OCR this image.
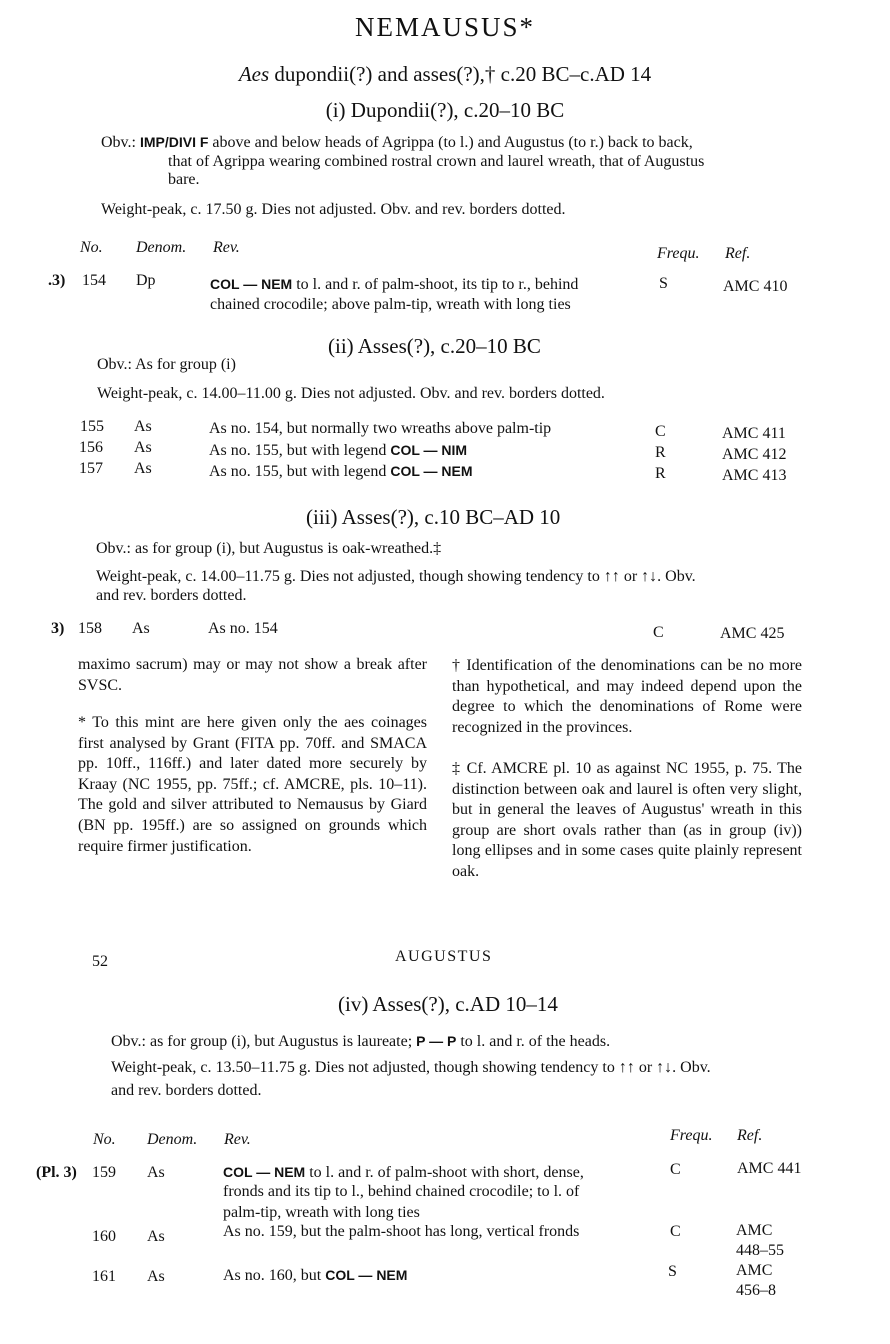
NEMAUSUS*
Aes dupondii(?) and asses(?),† c.20 BC–c.AD 14
(i) Dupondii(?), c.20–10 BC
Obv.: IMP/DIVI F above and below heads of Agrippa (to l.) and Augustus (to r.) back to back,
that of Agrippa wearing combined rostral crown and laurel wreath, that of Augustus
bare.
Weight-peak, c. 17.50 g. Dies not adjusted. Obv. and rev. borders dotted.
No. Denom. Rev.	Frequ. Ref.
.3) 154 Dp	COL — NEM to l. and r. of palm-shoot, its tip to r., behind
chained crocodile; above palm-tip, wreath with long ties
S	AMC 410
(ii) Asses(?), c.20–10 BC
Obv.: As for group (i)
Weight-peak, c. 14.00–11.00 g. Dies not adjusted. Obv. and rev. borders dotted.
155 As	As no. 154, but normally two wreaths above palm-tip	C	AMC 411
156 As	As no. 155, but with legend COL — NIM	R	AMC 412
157 As	As no. 155, but with legend COL — NEM	R	AMC 413
(iii) Asses(?), c.10 BC–AD 10
Obv.: as for group (i), but Augustus is oak-wreathed.‡
Weight-peak, c. 14.00–11.75 g. Dies not adjusted, though showing tendency to ↑↑ or ↑↓. Obv.
and rev. borders dotted.
3) 158 As	As no. 154	C	AMC 425
maximo sacrum) may or may not show a break after SVSC.
* To this mint are here given only the aes coinages first analysed by Grant (FITA pp. 70ff. and SMACA pp. 10ff., 116ff.) and later dated more securely by Kraay (NC 1955, pp. 75ff.; cf. AMCRE, pls. 10–11). The gold and silver attributed to Nemausus by Giard (BN pp. 195ff.) are so assigned on grounds which require firmer justification.
† Identification of the denominations can be no more than hypothetical, and may indeed depend upon the degree to which the denominations of Rome were recognized in the provinces.
‡ Cf. AMCRE pl. 10 as against NC 1955, p. 75. The distinction between oak and laurel is often very slight, but in general the leaves of Augustus' wreath in this group are short ovals rather than (as in group (iv)) long ellipses and in some cases quite plainly represent oak.
52	AUGUSTUS
(iv) Asses(?), c.AD 10–14
Obv.: as for group (i), but Augustus is laureate; P — P to l. and r. of the heads.
Weight-peak, c. 13.50–11.75 g. Dies not adjusted, though showing tendency to ↑↑ or ↑↓. Obv.
and rev. borders dotted.
No. Denom. Rev.	Frequ. Ref.
(Pl. 3) 159 As	COL — NEM to l. and r. of palm-shoot with short, dense,
fronds and its tip to l., behind chained crocodile; to l. of
palm-tip, wreath with long ties
C	AMC 441
160 As	As no. 159, but the palm-shoot has long, vertical fronds	C	AMC
448–55
161 As	As no. 160, but COL — NEM	S	AMC
456–8
